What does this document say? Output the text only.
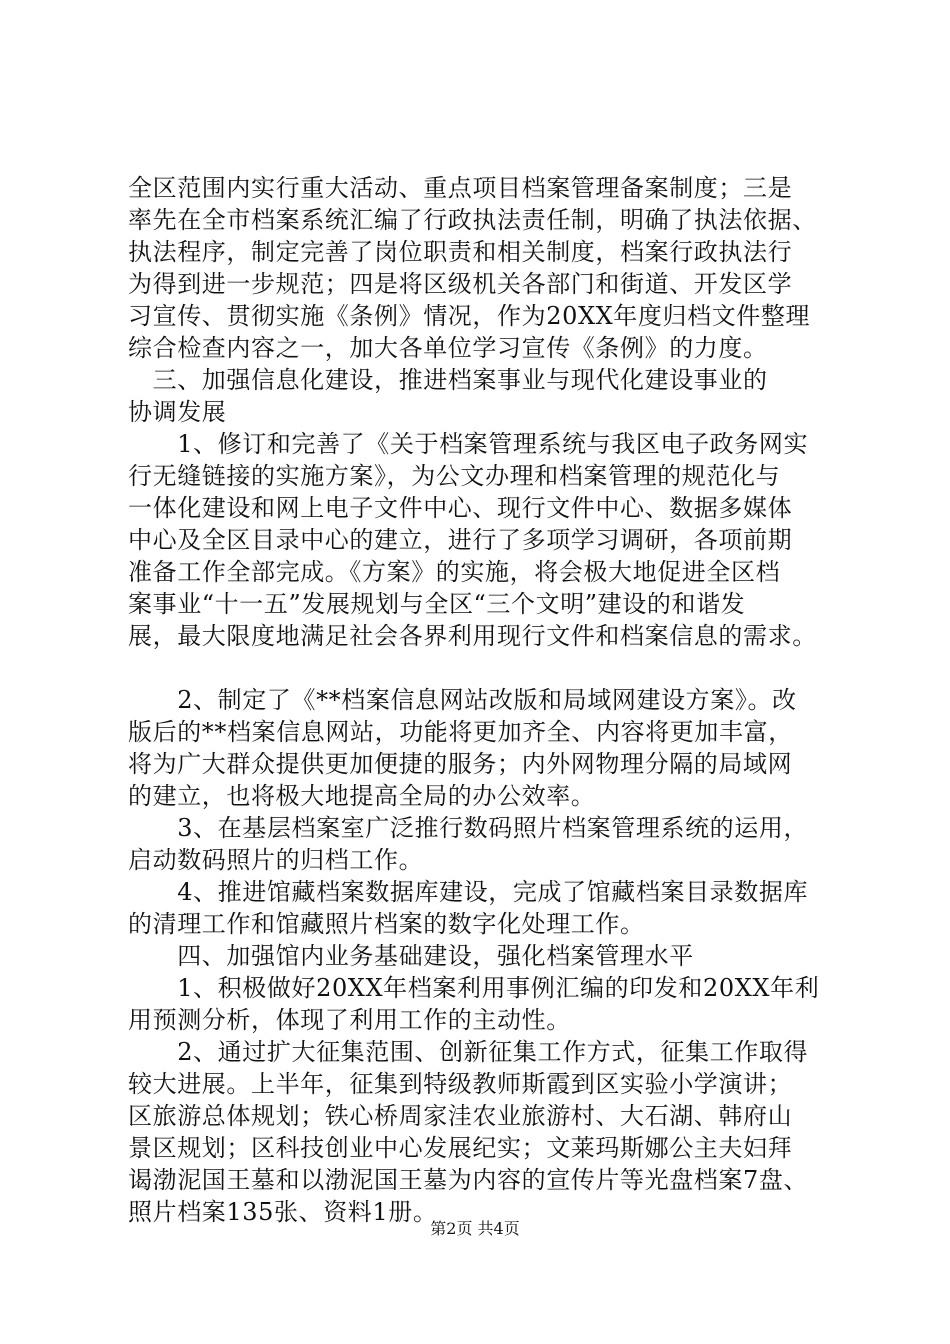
全区范围内实行重大活动、重点项目档案管理备案制度；三是
率先在全市档案系统汇编了行政执法责任制，明确了执法依据、
执法程序，制定完善了岗位职责和相关制度，档案行政执法行
为得到进一步规范；四是将区级机关各部门和街道、开发区学
习宣传、贯彻实施《条例》情况，作为20XX年度归档文件整理
综合检查内容之一，加大各单位学习宣传《条例》的力度。
　三、加强信息化建设，推进档案事业与现代化建设事业的
协调发展
　　1、修订和完善了《关于档案管理系统与我区电子政务网实
行无缝链接的实施方案》，为公文办理和档案管理的规范化与
一体化建设和网上电子文件中心、现行文件中心、数据多媒体
中心及全区目录中心的建立，进行了多项学习调研，各项前期
准备工作全部完成。《方案》的实施，将会极大地促进全区档
案事业“十一五”发展规划与全区“三个文明”建设的和谐发
展，最大限度地满足社会各界利用现行文件和档案信息的需求。
　　2、制定了《**档案信息网站改版和局域网建设方案》。改
版后的**档案信息网站，功能将更加齐全、内容将更加丰富，
将为广大群众提供更加便捷的服务；内外网物理分隔的局域网
的建立，也将极大地提高全局的办公效率。
　　3、在基层档案室广泛推行数码照片档案管理系统的运用，
启动数码照片的归档工作。
　　4、推进馆藏档案数据库建设，完成了馆藏档案目录数据库
的清理工作和馆藏照片档案的数字化处理工作。
　　四、加强馆内业务基础建设，强化档案管理水平
　　1、积极做好20XX年档案利用事例汇编的印发和20XX年利
用预测分析，体现了利用工作的主动性。
　　2、通过扩大征集范围、创新征集工作方式，征集工作取得
较大进展。上半年，征集到特级教师斯霞到区实验小学演讲；
区旅游总体规划；铁心桥周家洼农业旅游村、大石湖、韩府山
景区规划；区科技创业中心发展纪实；文莱玛斯娜公主夫妇拜
谒渤泥国王墓和以渤泥国王墓为内容的宣传片等光盘档案7盘、
照片档案135张、资料1册。
第2页 共4页
